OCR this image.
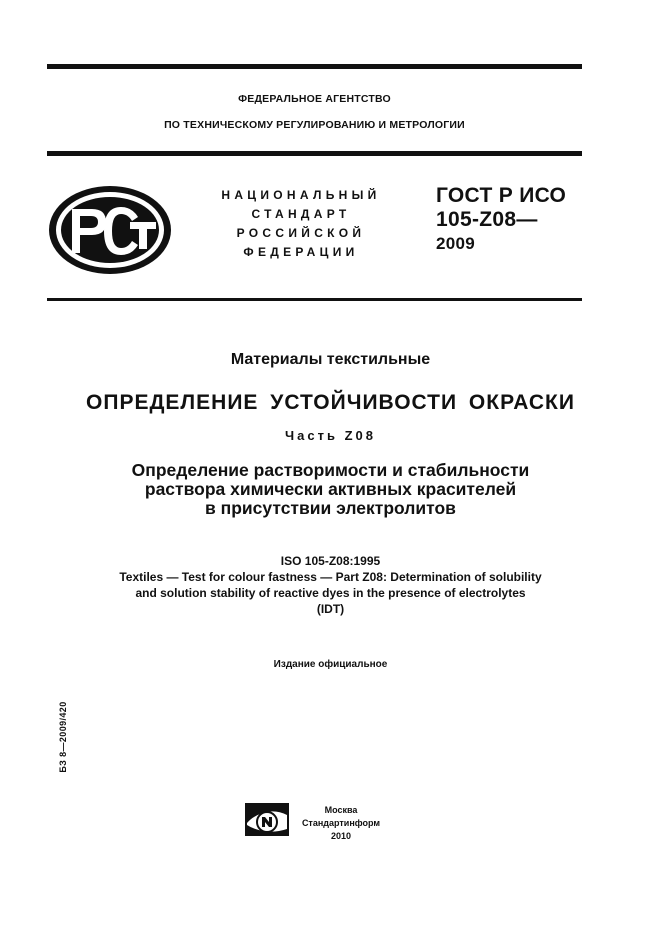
ФЕДЕРАЛЬНОЕ АГЕНТСТВО
ПО ТЕХНИЧЕСКОМУ РЕГУЛИРОВАНИЮ И МЕТРОЛОГИИ
НАЦИОНАЛЬНЫЙ
СТАНДАРТ
РОССИЙСКОЙ
ФЕДЕРАЦИИ
ГОСТ Р ИСО
105-Z08—
2009
Материалы текстильные
ОПРЕДЕЛЕНИЕ УСТОЙЧИВОСТИ ОКРАСКИ
Часть Z08
Определение растворимости и стабильности
раствора химически активных красителей
в присутствии электролитов
ISO 105-Z08:1995
Textiles — Test for colour fastness — Part Z08: Determination of solubility
and solution stability of reactive dyes in the presence of electrolytes
(IDT)
Издание официальное
БЗ 8—2009/420
Москва
Стандартинформ
2010
